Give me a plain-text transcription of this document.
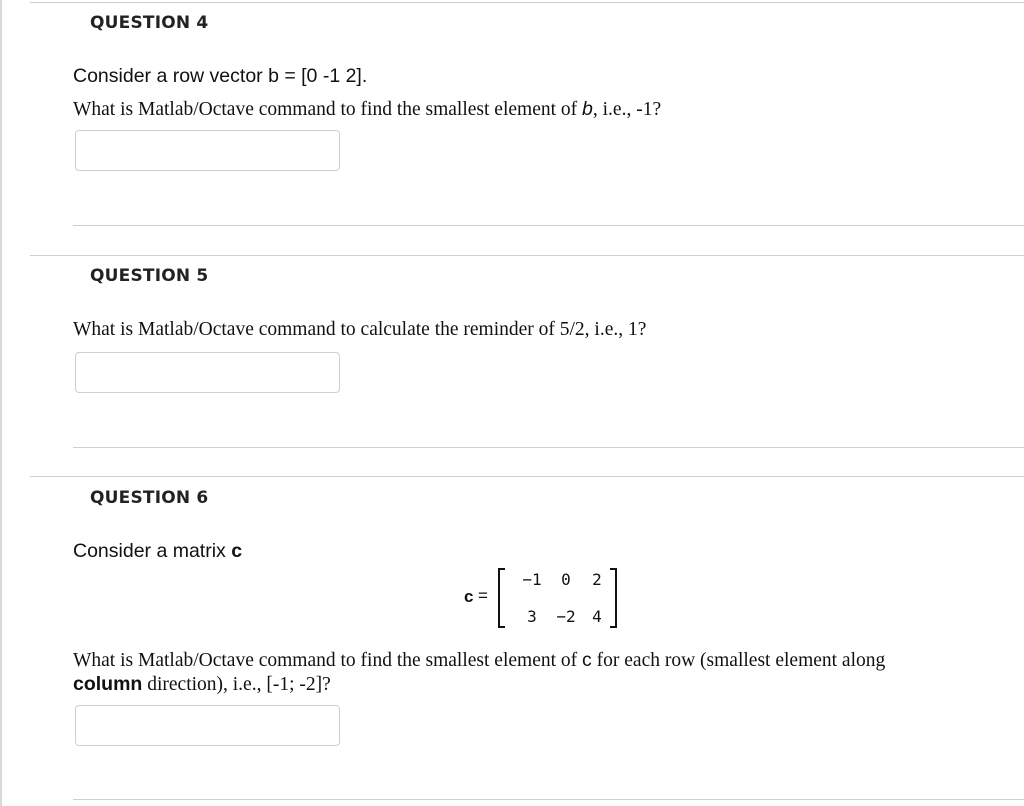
QUESTION 4
Consider a row vector b = [0 -1 2].
What is Matlab/Octave command to find the smallest element of b, i.e., -1?
QUESTION 5
What is Matlab/Octave command to calculate the reminder of 5/2, i.e., 1?
QUESTION 6
Consider a matrix c
c =
−1	0	2
3	−2	4
What is Matlab/Octave command to find the smallest element of c for each row (smallest element along
column direction), i.e., [-1; -2]?
